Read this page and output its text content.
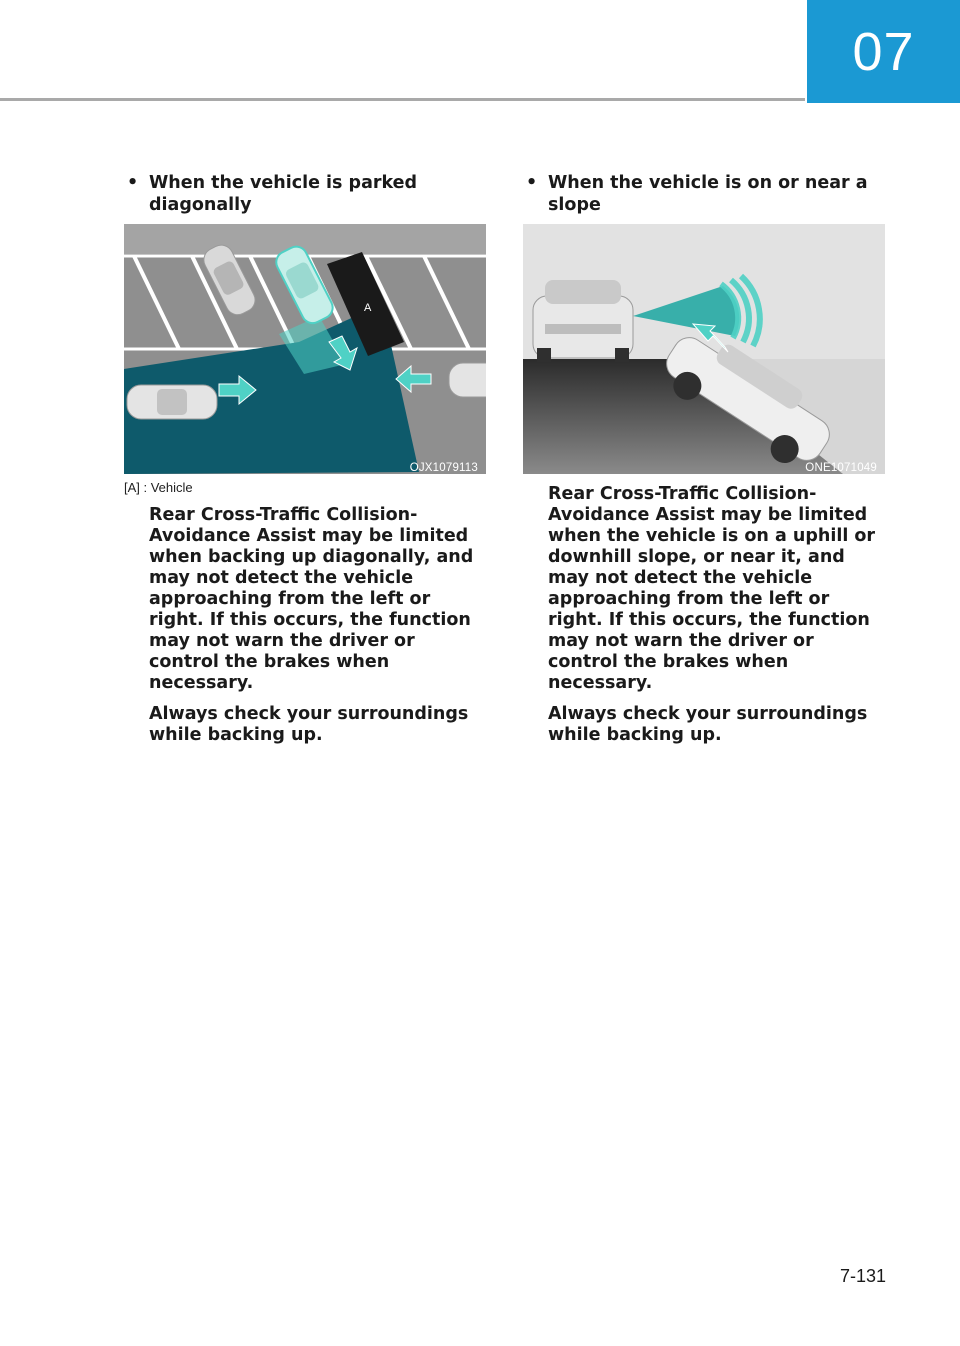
07

• When the vehicle is parked diagonally

A
OJX1079113

[A] : Vehicle

Rear Cross-Traffic Collision-Avoidance Assist may be limited when backing up diagonally, and may not detect the vehicle approaching from the left or right. If this occurs, the function may not warn the driver or control the brakes when necessary.

Always check your surroundings while backing up.

• When the vehicle is on or near a slope

ONE1071049

Rear Cross-Traffic Collision-Avoidance Assist may be limited when the vehicle is on a uphill or downhill slope, or near it, and may not detect the vehicle approaching from the left or right. If this occurs, the function may not warn the driver or control the brakes when necessary.

Always check your surroundings while backing up.

7-131
